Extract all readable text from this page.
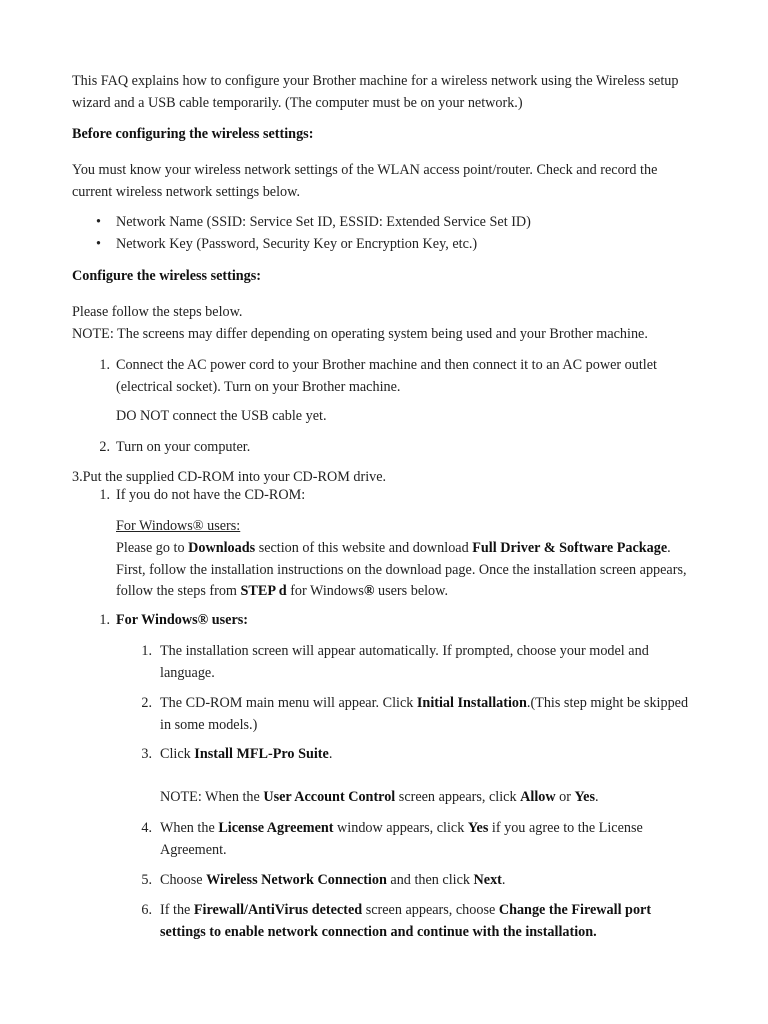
This FAQ explains how to configure your Brother machine for a wireless network using the Wireless setup wizard and a USB cable temporarily. (The computer must be on your network.)

Before configuring the wireless settings:

You must know your wireless network settings of the WLAN access point/router. Check and record the current wireless network settings below.

•	Network Name (SSID: Service Set ID, ESSID: Extended Service Set ID)

•	Network Key (Password, Security Key or Encryption Key, etc.)

Configure the wireless settings:

Please follow the steps below.

NOTE: The screens may differ depending on operating system being used and your Brother machine.

1. Connect the AC power cord to your Brother machine and then connect it to an AC power outlet (electrical socket). Turn on your Brother machine.

DO NOT connect the USB cable yet.

2. Turn on your computer.

3.Put the supplied CD-ROM into your CD-ROM drive.

1. If you do not have the CD-ROM:

For Windows® users:

Please go to Downloads section of this website and download Full Driver & Software Package. First, follow the installation instructions on the download page. Once the installation screen appears, follow the steps from STEP d for Windows® users below.

1. For Windows® users:

1. The installation screen will appear automatically. If prompted, choose your model and language.

2. The CD-ROM main menu will appear. Click Initial Installation.(This step might be skipped in some models.)

3. Click Install MFL-Pro Suite.

NOTE: When the User Account Control screen appears, click Allow or Yes.

4. When the License Agreement window appears, click Yes if you agree to the License Agreement.

5. Choose Wireless Network Connection and then click Next.

6. If the Firewall/AntiVirus detected screen appears, choose Change the Firewall port settings to enable network connection and continue with the installation.
